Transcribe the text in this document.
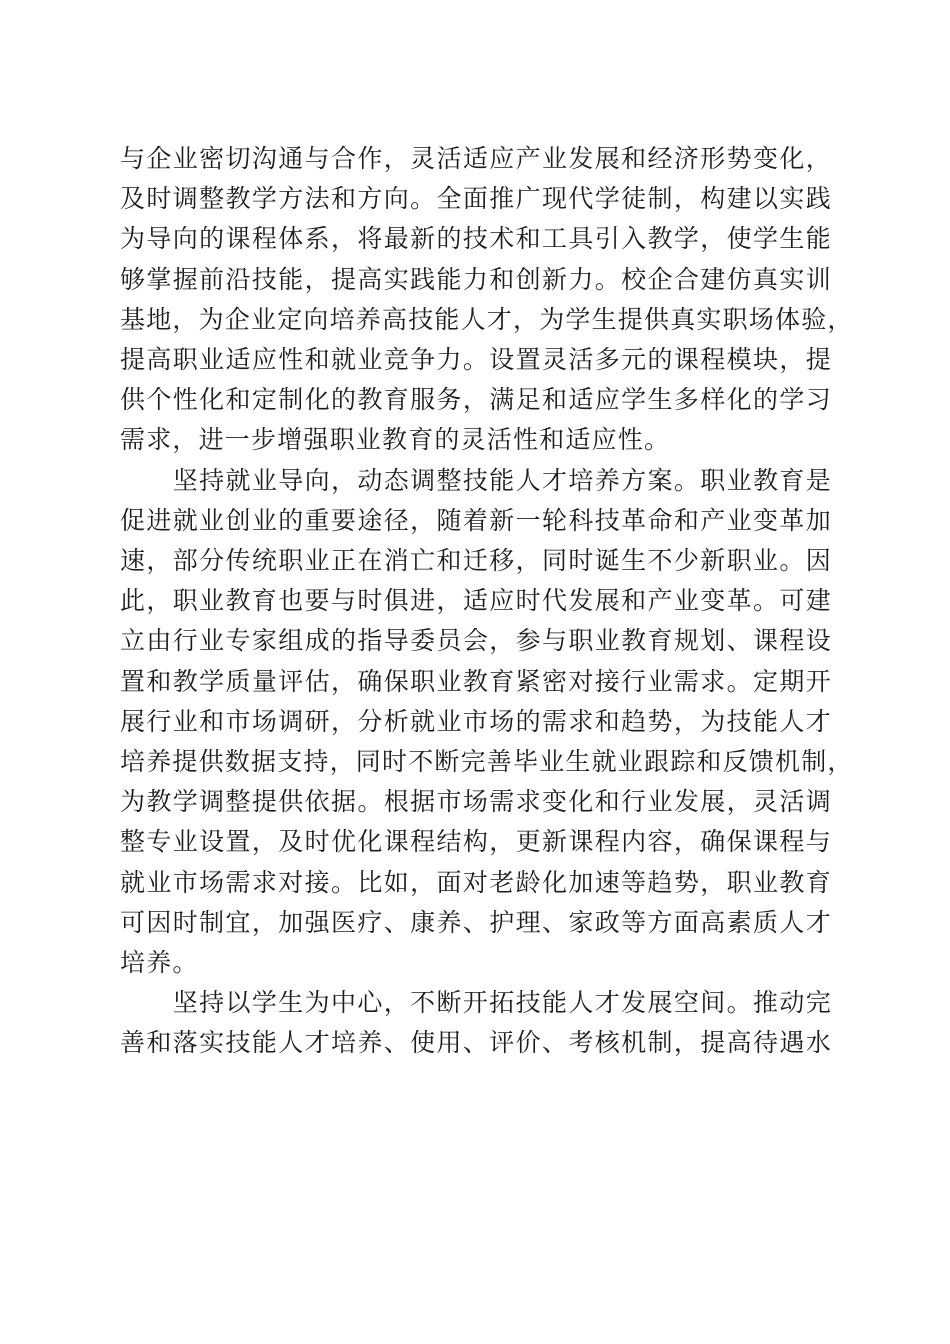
与企业密切沟通与合作，灵活适应产业发展和经济形势变化，
及时调整教学方法和方向。全面推广现代学徒制，构建以实践
为导向的课程体系，将最新的技术和工具引入教学，使学生能
够掌握前沿技能，提高实践能力和创新力。校企合建仿真实训
基地，为企业定向培养高技能人才，为学生提供真实职场体验，
提高职业适应性和就业竞争力。设置灵活多元的课程模块，提
供个性化和定制化的教育服务，满足和适应学生多样化的学习
需求，进一步增强职业教育的灵活性和适应性。
　　坚持就业导向，动态调整技能人才培养方案。职业教育是
促进就业创业的重要途径，随着新一轮科技革命和产业变革加
速，部分传统职业正在消亡和迁移，同时诞生不少新职业。因
此，职业教育也要与时俱进，适应时代发展和产业变革。可建
立由行业专家组成的指导委员会，参与职业教育规划、课程设
置和教学质量评估，确保职业教育紧密对接行业需求。定期开
展行业和市场调研，分析就业市场的需求和趋势，为技能人才
培养提供数据支持，同时不断完善毕业生就业跟踪和反馈机制，
为教学调整提供依据。根据市场需求变化和行业发展，灵活调
整专业设置，及时优化课程结构，更新课程内容，确保课程与
就业市场需求对接。比如，面对老龄化加速等趋势，职业教育
可因时制宜，加强医疗、康养、护理、家政等方面高素质人才
培养。
　　坚持以学生为中心，不断开拓技能人才发展空间。推动完
善和落实技能人才培养、使用、评价、考核机制，提高待遇水
